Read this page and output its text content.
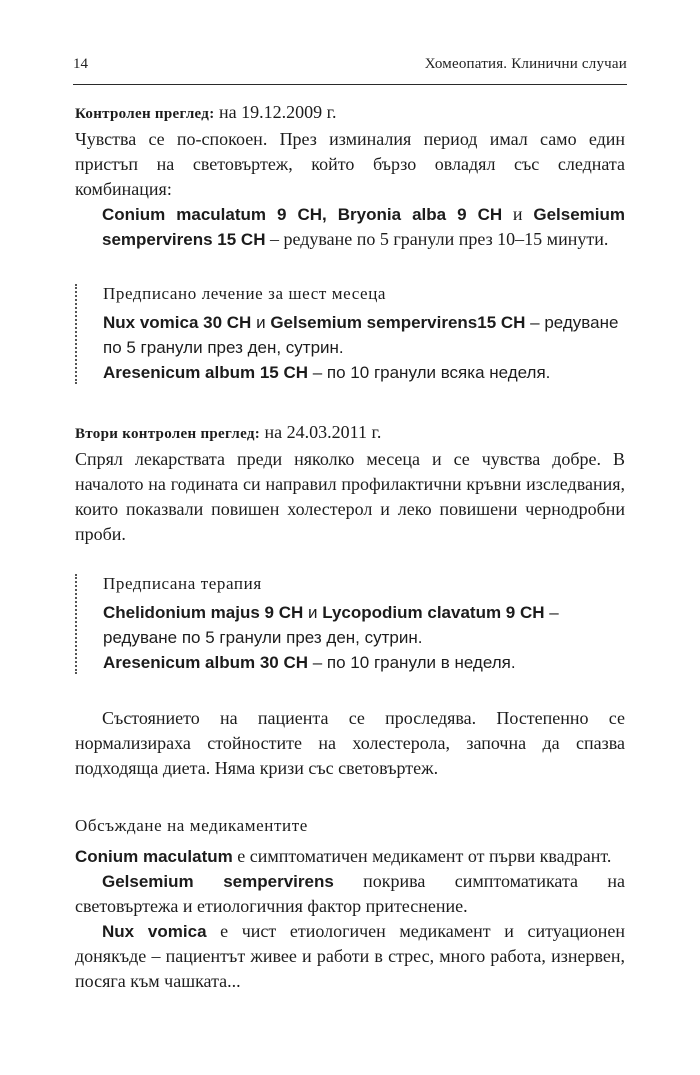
14	Хомеопатия. Клинични случаи

Контролен преглед: на 19.12.2009 г.

Чувства се по-спокоен. През изминалия период имал само един пристъп на световъртеж, който бързо овладял със следната комбинация:

Conium maculatum 9 CH, Bryonia alba 9 CH и Gelsemium sempervirens 15 CH – редуване по 5 гранули през 10–15 минути.

Предписано лечение за шест месеца

Nux vomica 30 CH и Gelsemium sempervirens15 CH – редуване

по 5 гранули през ден, сутрин.

Aresenicum album 15 CH – по 10 гранули всяка неделя.

Втори контролен преглед: на 24.03.2011 г.

Спрял лекарствата преди няколко месеца и се чувства добре. В началото на годината си направил профилактични кръвни изследвания, които показвали повишен холестерол и леко повишени чернодробни проби.

Предписана терапия

Chelidonium majus 9 CH и Lycopodium clavatum 9 CH – редуване по 5 гранули през ден, сутрин.

Aresenicum album 30 CH – по 10 гранули в неделя.

Състоянието на пациента се проследява. Постепенно се нормализираха стойностите на холестерола, започна да спазва подходяща диета. Няма кризи със световъртеж.

Обсъждане на медикаментите

Conium maculatum е симптоматичен медикамент от първи квадрант.

Gelsemium sempervirens покрива симптоматиката на световъртежа и етиологичния фактор притеснение.

Nux vomica е чист етиологичен медикамент и ситуационен донякъде – пациентът живее и работи в стрес, много работа, изнервен, посяга към чашката...
